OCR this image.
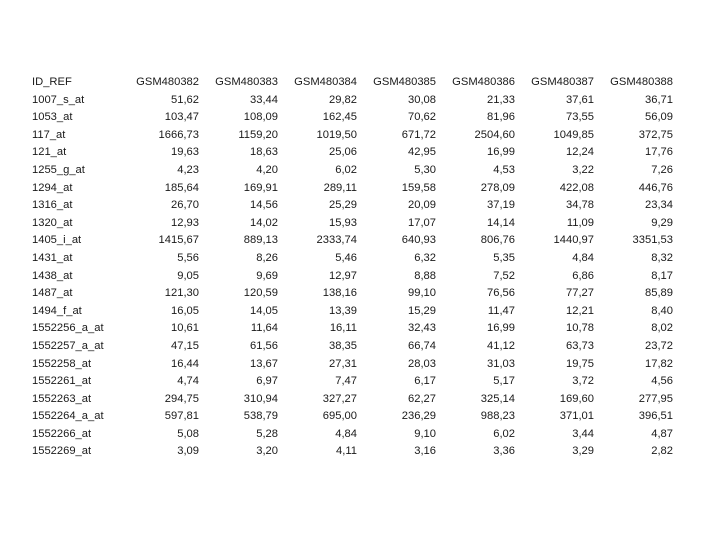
ID_REF	GSM480382	GSM480383	GSM480384	GSM480385	GSM480386	GSM480387	GSM480388
1007_s_at	51,62	33,44	29,82	30,08	21,33	37,61	36,71
1053_at	103,47	108,09	162,45	70,62	81,96	73,55	56,09
117_at	1666,73	1159,20	1019,50	671,72	2504,60	1049,85	372,75
121_at	19,63	18,63	25,06	42,95	16,99	12,24	17,76
1255_g_at	4,23	4,20	6,02	5,30	4,53	3,22	7,26
1294_at	185,64	169,91	289,11	159,58	278,09	422,08	446,76
1316_at	26,70	14,56	25,29	20,09	37,19	34,78	23,34
1320_at	12,93	14,02	15,93	17,07	14,14	11,09	9,29
1405_i_at	1415,67	889,13	2333,74	640,93	806,76	1440,97	3351,53
1431_at	5,56	8,26	5,46	6,32	5,35	4,84	8,32
1438_at	9,05	9,69	12,97	8,88	7,52	6,86	8,17
1487_at	121,30	120,59	138,16	99,10	76,56	77,27	85,89
1494_f_at	16,05	14,05	13,39	15,29	11,47	12,21	8,40
1552256_a_at	10,61	11,64	16,11	32,43	16,99	10,78	8,02
1552257_a_at	47,15	61,56	38,35	66,74	41,12	63,73	23,72
1552258_at	16,44	13,67	27,31	28,03	31,03	19,75	17,82
1552261_at	4,74	6,97	7,47	6,17	5,17	3,72	4,56
1552263_at	294,75	310,94	327,27	62,27	325,14	169,60	277,95
1552264_a_at	597,81	538,79	695,00	236,29	988,23	371,01	396,51
1552266_at	5,08	5,28	4,84	9,10	6,02	3,44	4,87
1552269_at	3,09	3,20	4,11	3,16	3,36	3,29	2,82
